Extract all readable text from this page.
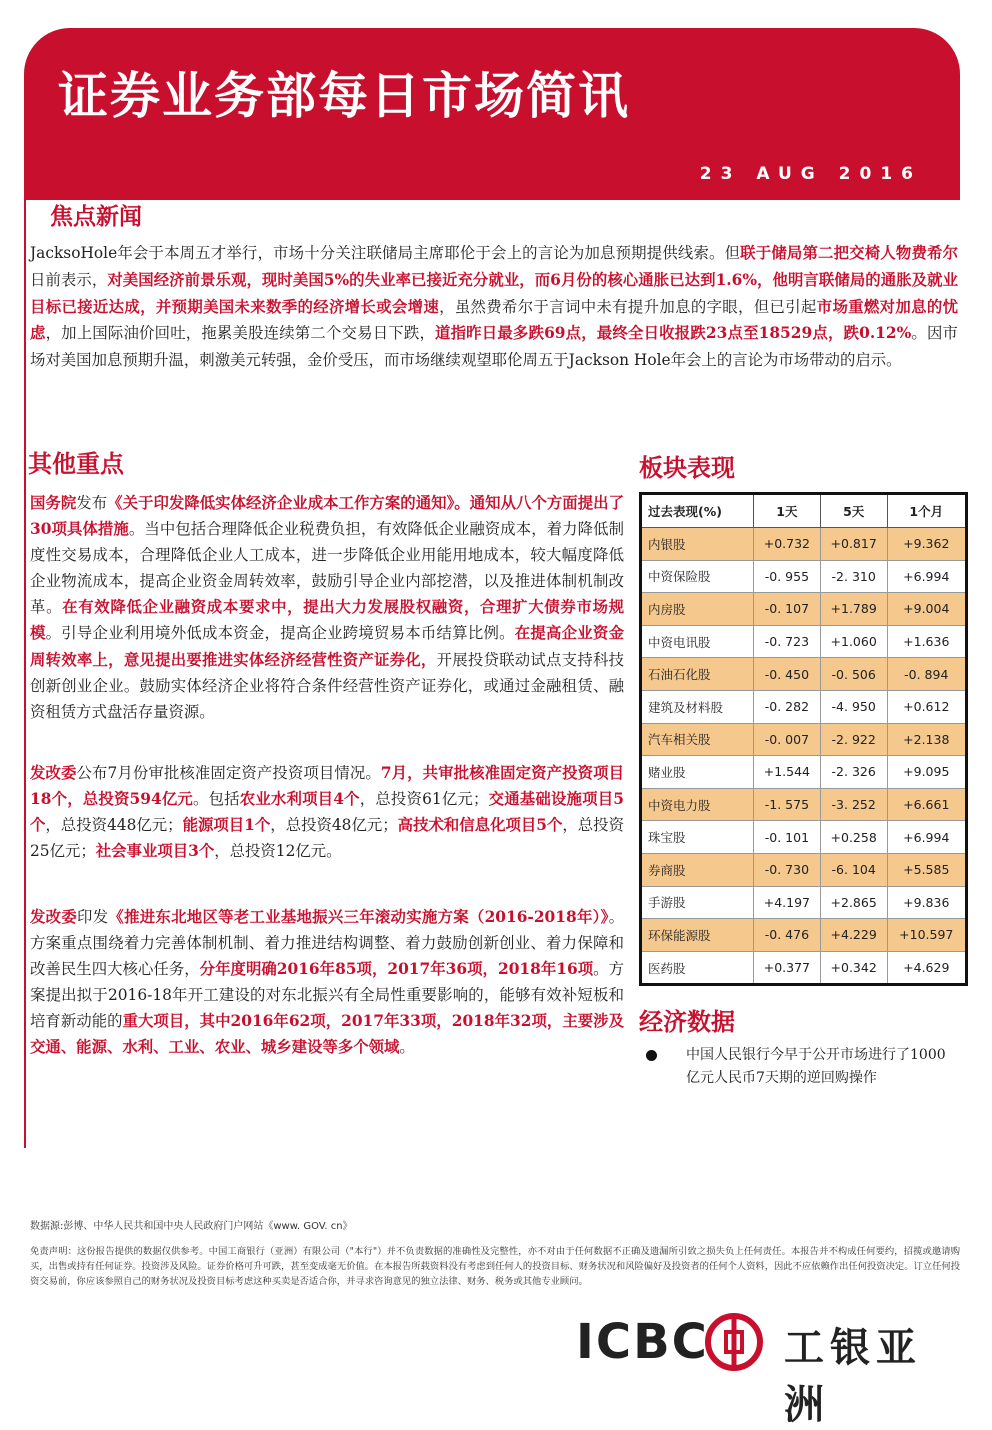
证券业务部每日市场简讯
23 AUG 2016
焦点新闻
JacksoHole年会于本周五才举行，市场十分关注联储局主席耶伦于会上的言论为加息预期提供线索。但联于储局第二把交椅人物费希尔日前表示，对美国经济前景乐观，现时美国5%的失业率已接近充分就业，而6月份的核心通胀已达到1.6%，他明言联储局的通胀及就业目标已接近达成，并预期美国未来数季的经济增长或会增速，虽然费希尔于言词中未有提升加息的字眼，但已引起市场重燃对加息的忧虑，加上国际油价回吐，拖累美股连续第二个交易日下跌，道指昨日最多跌69点，最终全日收报跌23点至18529点，跌0.12%。因市场对美国加息预期升温，刺激美元转强，金价受压，而市场继续观望耶伦周五于Jackson Hole年会上的言论为市场带动的启示。
其他重点
国务院发布《关于印发降低实体经济企业成本工作方案的通知》。通知从八个方面提出了30项具体措施。当中包括合理降低企业税费负担，有效降低企业融资成本，着力降低制度性交易成本，合理降低企业人工成本，进一步降低企业用能用地成本，较大幅度降低企业物流成本，提高企业资金周转效率，鼓励引导企业内部挖潜，以及推进体制机制改革。在有效降低企业融资成本要求中，提出大力发展股权融资，合理扩大债券市场规模。引导企业利用境外低成本资金，提高企业跨境贸易本币结算比例。在提高企业资金周转效率上，意见提出要推进实体经济经营性资产证券化，开展投贷联动试点支持科技创新创业企业。鼓励实体经济企业将符合条件经营性资产证券化，或通过金融租赁、融资租赁方式盘活存量资源。
发改委公布7月份审批核准固定资产投资项目情况。7月，共审批核准固定资产投资项目18个，总投资594亿元。包括农业水利项目4个，总投资61亿元；交通基础设施项目5个，总投资448亿元；能源项目1个，总投资48亿元；高技术和信息化项目5个，总投资25亿元；社会事业项目3个，总投资12亿元。
发改委印发《推进东北地区等老工业基地振兴三年滚动实施方案（2016-2018年）》。方案重点围绕着力完善体制机制、着力推进结构调整、着力鼓励创新创业、着力保障和改善民生四大核心任务，分年度明确2016年85项，2017年36项，2018年16项。方案提出拟于2016-18年开工建设的对东北振兴有全局性重要影响的，能够有效补短板和培育新动能的重大项目，其中2016年62项，2017年33项，2018年32项，主要涉及交通、能源、水利、工业、农业、城乡建设等多个领域。
板块表现
过去表现(%)	1天	5天	1个月
内银股	+0.732	+0.817	+9.362
中资保险股	-0. 955	-2. 310	+6.994
内房股	-0. 107	+1.789	+9.004
中资电讯股	-0. 723	+1.060	+1.636
石油石化股	-0. 450	-0. 506	-0. 894
建筑及材料股	-0. 282	-4. 950	+0.612
汽车相关股	-0. 007	-2. 922	+2.138
赌业股	+1.544	-2. 326	+9.095
中资电力股	-1. 575	-3. 252	+6.661
珠宝股	-0. 101	+0.258	+6.994
券商股	-0. 730	-6. 104	+5.585
手游股	+4.197	+2.865	+9.836
环保能源股	-0. 476	+4.229	+10.597
医药股	+0.377	+0.342	+4.629
经济数据
中国人民银行今早于公开市场进行了1000亿元人民币7天期的逆回购操作
数据源:彭博、中华人民共和国中央人民政府门户网站《www. GOV. cn》
免责声明：这份报告提供的数据仅供参考。中国工商银行（亚洲）有限公司（"本行"）并不负责数据的准确性及完整性，亦不对由于任何数据不正确及遗漏所引致之损失负上任何责任。本报告并不构成任何要约，招揽或邀请购买，出售或持有任何证券。投资涉及风险。证券价格可升可跌，甚至变成毫无价值。在本报告所载资料没有考虑到任何人的投资目标、财务状况和风险偏好及投资者的任何个人资料，因此不应依赖作出任何投资决定。订立任何投资交易前，你应该参照自己的财务状况及投资目标考虑这种买卖是否适合你，并寻求咨询意见的独立法律、财务、税务或其他专业顾问。
ICBC 工银亚洲
